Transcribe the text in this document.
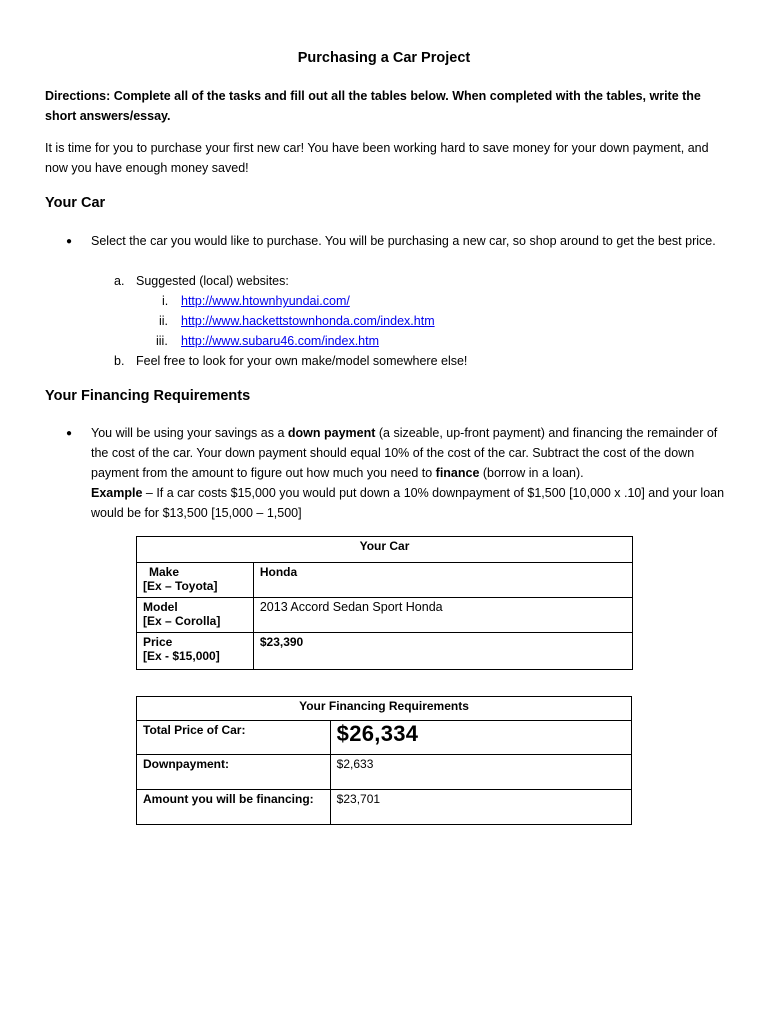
Purchasing a Car Project
Directions: Complete all of the tasks and fill out all the tables below. When completed with the tables, write the short answers/essay.
It is time for you to purchase your first new car! You have been working hard to save money for your down payment, and now you have enough money saved!
Your Car
● Select the car you would like to purchase. You will be purchasing a new car, so shop around to get the best price.
a. Suggested (local) websites:
i. http://www.htownhyundai.com/
ii. http://www.hackettstownhonda.com/index.htm
iii. http://www.subaru46.com/index.htm
b. Feel free to look for your own make/model somewhere else!
Your Financing Requirements
● You will be using your savings as a down payment (a sizeable, up-front payment) and financing the remainder of the cost of the car. Your down payment should equal 10% of the cost of the car. Subtract the cost of the down payment from the amount to figure out how much you need to finance (borrow in a loan).
Example – If a car costs $15,000 you would put down a 10% downpayment of $1,500 [10,000 x .10] and your loan would be for $13,500 [15,000 – 1,500]
Your Car	

Make
[Ex – Toyota]	Honda

Model
[Ex – Corolla]	2013 Accord Sedan Sport Honda

Price
[Ex - $15,000]	$23,390
Your Financing Requirements	
Total Price of Car:	$26,334
Downpayment:	$2,633
Amount you will be financing:	$23,701
